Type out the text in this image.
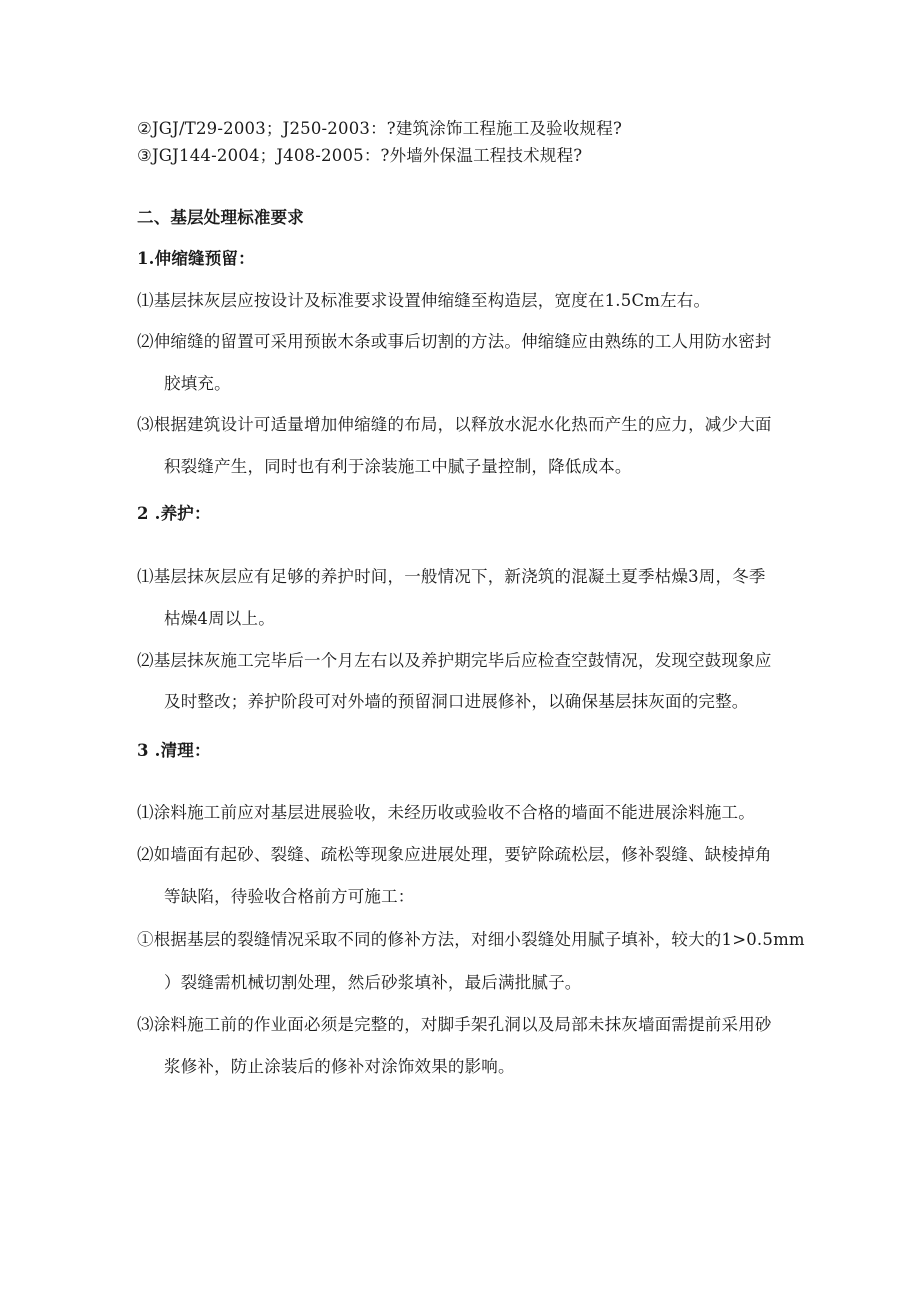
②JGJ/T29-2003；J250-2003：?建筑涂饰工程施工及验收规程?
③JGJ144-2004；J408-2005：?外墙外保温工程技术规程?
二、基层处理标准要求
1.伸缩缝预留：
⑴基层抹灰层应按设计及标准要求设置伸缩缝至构造层，宽度在1.5Cm左右。
⑵伸缩缝的留置可采用预嵌木条或事后切割的方法。伸缩缝应由熟练的工人用防水密封
胶填充。
⑶根据建筑设计可适量增加伸缩缝的布局，以释放水泥水化热而产生的应力，减少大面
积裂缝产生，同时也有利于涂装施工中腻子量控制，降低成本。
2 .养护：
⑴基层抹灰层应有足够的养护时间，一般情况下，新浇筑的混凝土夏季枯燥3周，冬季
枯燥4周以上。
⑵基层抹灰施工完毕后一个月左右以及养护期完毕后应检查空鼓情况，发现空鼓现象应
及时整改；养护阶段可对外墙的预留洞口进展修补，以确保基层抹灰面的完整。
3 .清理：
⑴涂料施工前应对基层进展验收，未经历收或验收不合格的墙面不能进展涂料施工。
⑵如墙面有起砂、裂缝、疏松等现象应进展处理，要铲除疏松层，修补裂缝、缺棱掉角
等缺陷，待验收合格前方可施工：
①根据基层的裂缝情况采取不同的修补方法，对细小裂缝处用腻子填补，较大的1>0.5mm
）裂缝需机械切割处理，然后砂浆填补，最后满批腻子。
⑶涂料施工前的作业面必须是完整的，对脚手架孔洞以及局部未抹灰墙面需提前采用砂
浆修补，防止涂装后的修补对涂饰效果的影响。
